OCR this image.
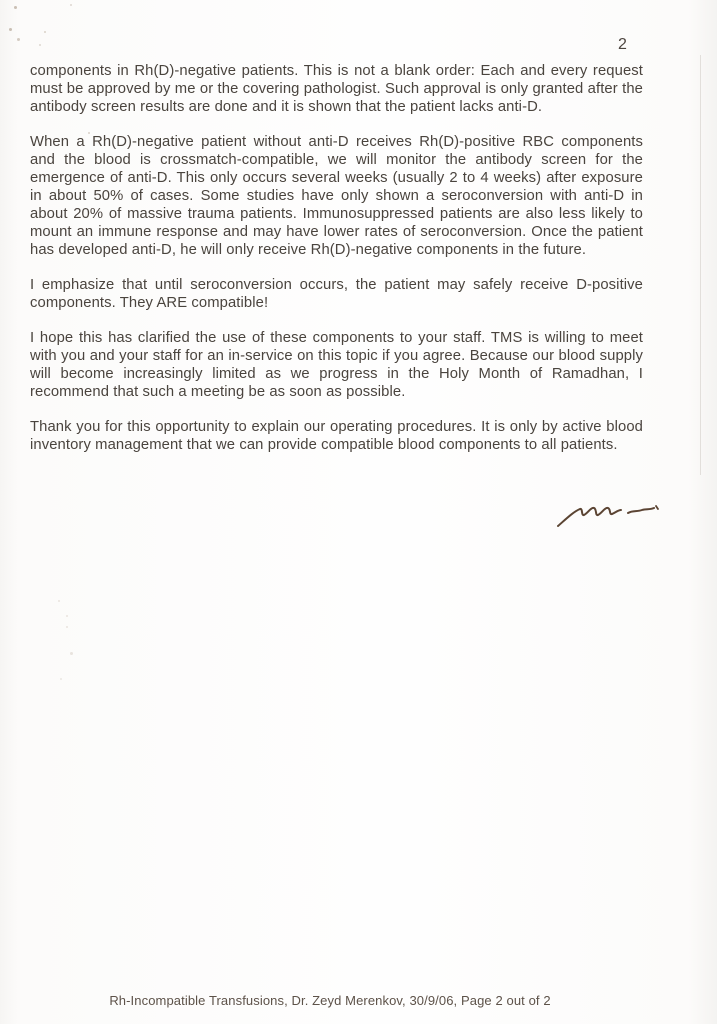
2

components in Rh(D)-negative patients. This is not a blank order: Each and every request must be approved by me or the covering pathologist. Such approval is only granted after the antibody screen results are done and it is shown that the patient lacks anti-D.

When a Rh(D)-negative patient without anti-D receives Rh(D)-positive RBC components and the blood is crossmatch-compatible, we will monitor the antibody screen for the emergence of anti-D. This only occurs several weeks (usually 2 to 4 weeks) after exposure in about 50% of cases. Some studies have only shown a seroconversion with anti-D in about 20% of massive trauma patients. Immunosuppressed patients are also less likely to mount an immune response and may have lower rates of seroconversion. Once the patient has developed anti-D, he will only receive Rh(D)-negative components in the future.

I emphasize that until seroconversion occurs, the patient may safely receive D-positive components. They ARE compatible!

I hope this has clarified the use of these components to your staff. TMS is willing to meet with you and your staff for an in-service on this topic if you agree. Because our blood supply will become increasingly limited as we progress in the Holy Month of Ramadhan, I recommend that such a meeting be as soon as possible.

Thank you for this opportunity to explain our operating procedures. It is only by active blood inventory management that we can provide compatible blood components to all patients.

Rh-Incompatible Transfusions, Dr. Zeyd Merenkov, 30/9/06, Page 2 out of 2
